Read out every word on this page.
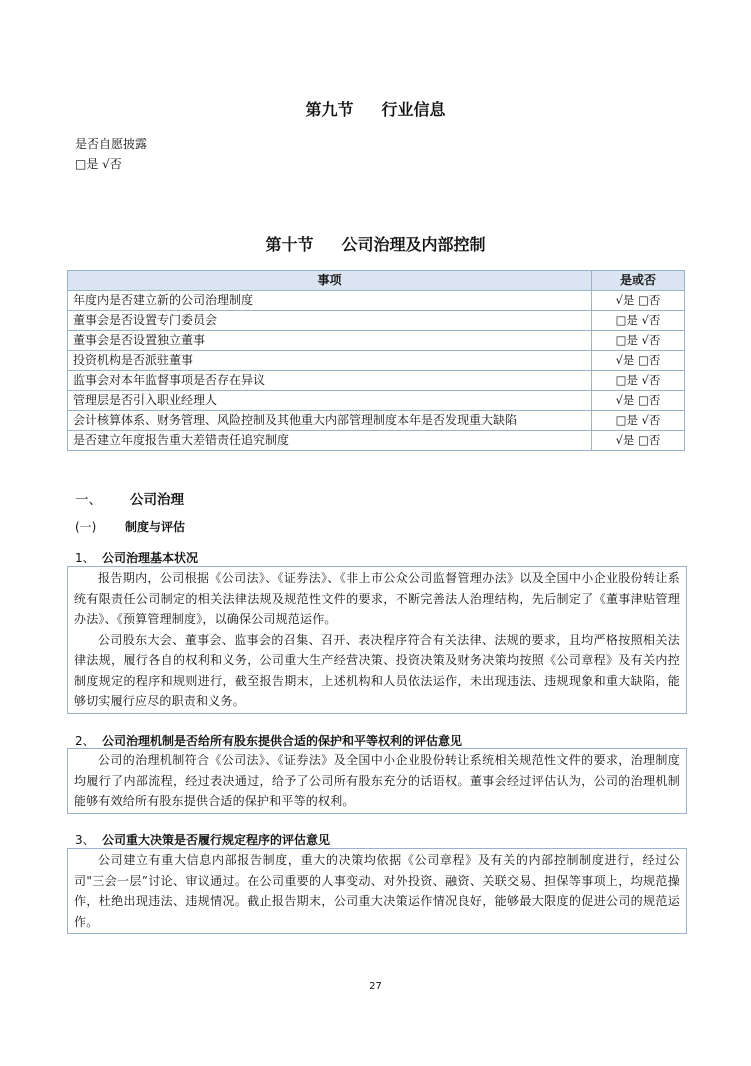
第九节 行业信息
是否自愿披露
□是 √否
第十节 公司治理及内部控制
事项	是或否
年度内是否建立新的公司治理制度	√是 □否
董事会是否设置专门委员会	□是 √否
董事会是否设置独立董事	□是 √否
投资机构是否派驻董事	√是 □否
监事会对本年监督事项是否存在异议	□是 √否
管理层是否引入职业经理人	√是 □否
会计核算体系、财务管理、风险控制及其他重大内部管理制度本年是否发现重大缺陷	□是 √否
是否建立年度报告重大差错责任追究制度	√是 □否
一、 公司治理
(一) 制度与评估
1、 公司治理基本状况

报告期内，公司根据《公司法》、《证券法》、《非上市公众公司监督管理办法》以及全国中小企业股份转让系统有限责任公司制定的相关法律法规及规范性文件的要求，不断完善法人治理结构，先后制定了《董事津贴管理办法》、《预算管理制度》，以确保公司规范运作。

公司股东大会、董事会、监事会的召集、召开、表决程序符合有关法律、法规的要求，且均严格按照相关法律法规，履行各自的权利和义务，公司重大生产经营决策、投资决策及财务决策均按照《公司章程》及有关内控制度规定的程序和规则进行，截至报告期末，上述机构和人员依法运作，未出现违法、违规现象和重大缺陷，能够切实履行应尽的职责和义务。

2、 公司治理机制是否给所有股东提供合适的保护和平等权利的评估意见

公司的治理机制符合《公司法》、《证券法》及全国中小企业股份转让系统相关规范性文件的要求，治理制度均履行了内部流程，经过表决通过，给予了公司所有股东充分的话语权。董事会经过评估认为，公司的治理机制能够有效给所有股东提供合适的保护和平等的权利。

3、 公司重大决策是否履行规定程序的评估意见

公司建立有重大信息内部报告制度，重大的决策均依据《公司章程》及有关的内部控制制度进行，经过公司"三会一层”讨论、审议通过。在公司重要的人事变动、对外投资、融资、关联交易、担保等事项上，均规范操作，杜绝出现违法、违规情况。截止报告期末，公司重大决策运作情况良好，能够最大限度的促进公司的规范运作。

27
